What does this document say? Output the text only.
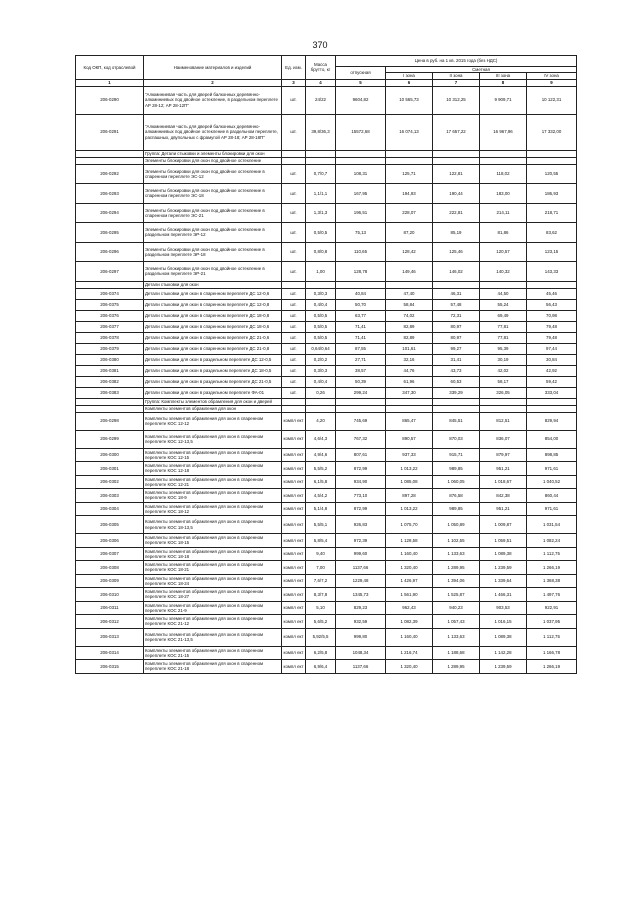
370
Код ОКП, код отраслевой	Наименование материалов и изделий	Ед. изм.	Масса брутто, кг	Цена в руб. на 1 кв. 2015 года (без НДС)				
				отпускная	Сметная			
					I зона	II зона	III зона	IV зона
1	2	3	4	5	6	7	8	9
206-0290	"Алюминиевая часть для дверей балконных деревянно-алюминиевых под двойное остекление, в раздельном переплете АР 28-12; АР 28-12П"	шт.	24/22	9604,82	10 565,73	10 312,25	9 909,71	10 122,31
206-0291	"Алюминиевая часть для дверей балконных деревянно-алюминиевых под двойное остекление в раздельном переплете, распашных, двупольных с фрамугой АР 28-18; АР 28-18П"	шт.	39,8/36,3	15572,68	16 074,13	17 657,22	16 967,96	17 332,00
	Группа: Детали стыковки и элементы блокировки для окон							
	Элементы блокировки для окон под двойное остекление							
206-0292	Элементы блокировки для окон под двойное остекление в спаренном переплете ЭС-12	шт.	0,7/0,7	108,31	125,71	122,81	118,02	120,55
206-0293	Элементы блокировки для окон под двойное остекление в спаренном переплете ЭС-18	шт.	1,1/1,1	167,95	194,93	190,44	183,00	186,93
206-0294	Элементы блокировки для окон под двойное остекление в спаренном переплете ЭС-21	шт.	1,3/1,3	196,51	228,07	222,81	214,11	218,71
206-0295	Элементы блокировки для окон под двойное остекление в раздельном переплете ЭР-12	шт.	0,5/0,5	75,13	87,20	85,19	81,86	83,62
206-0296	Элементы блокировки для окон под двойное остекление в раздельном переплете ЭР-18	шт.	0,8/0,8	110,65	128,42	125,46	120,57	123,15
206-0297	Элементы блокировки для окон под двойное остекление в раздельном переплете ЭР-21	шт.	1,00	128,78	149,46	146,02	140,32	143,33
	Детали стыковки для окон							
206-0374	Детали стыковки для окон в спаренном переплете ДС 12-0,6	шт.	0,3/0,3	40,84	47,40	46,31	44,50	45,46
206-0375	Детали стыковки для окон в спаренном переплете ДС 12-0,8	шт.	0,4/0,4	50,70	58,84	57,48	55,24	56,43
206-0376	Детали стыковки для окон в спаренном переплете ДС 18-0,8	шт.	0,5/0,5	63,77	74,02	72,31	69,49	70,98
206-0377	Детали стыковки для окон в спаренном переплете ДС 18-0,6	шт.	0,5/0,5	71,41	82,89	80,97	77,81	79,48
206-0378	Детали стыковки для окон в спаренном переплете ДС 21-0,6	шт.	0,5/0,5	71,41	82,89	80,97	77,81	79,48
206-0379	Детали стыковки для окон в спаренном переплете ДС 21-0,8	шт.	0,64/0,64	87,55	101,61	99,27	95,39	97,44
206-0380	Детали стыковки для окон в раздельном переплете ДС 12-0,5	шт.	0,2/0,2	27,71	32,16	31,41	30,19	30,84
206-0381	Детали стыковки для окон в раздельном переплете ДС 18-0,5	шт.	0,3/0,3	38,57	44,76	43,73	42,02	42,92
206-0382	Детали стыковки для окон в раздельном переплете ДС 21-0,5	шт.	0,4/0,4	50,39	61,96	60,53	58,17	59,42
206-0383	Детали стыковки для окон в раздельном переплете ФА-01	шт.	0,26	299,24	347,30	339,29	326,05	333,04
	Группа: Комплекты элементов обрамления для окон и дверей							
	Комплекты элементов обрамления для окон							
206-0298	Комплекты элементов обрамления для окон в спаренном переплете КОС 12-12	компл ект	4,20	745,69	865,47	845,51	812,51	829,94
206-0299	Комплекты элементов обрамления для окон в спаренном переплете КОС 12-13,5	компл ект	4,6/4,3	767,32	890,57	870,03	836,07	854,00
206-0300	Комплекты элементов обрамления для окон в спаренном переплете КОС 12-15	компл ект	4,9/4,6	807,61	937,33	915,71	879,97	898,85
206-0301	Комплекты элементов обрамления для окон в спаренном переплете КОС 12-18	компл ект	5,5/5,2	872,99	1 013,22	989,85	951,21	971,61
206-0302	Комплекты элементов обрамления для окон в спаренном переплете КОС 12-21	компл ект	6,1/5,8	934,90	1 085,08	1 060,05	1 018,67	1 040,52
206-0303	Комплекты элементов обрамления для окон в спаренном переплете КОС 18-9	компл ект	4,5/4,2	773,10	897,28	876,58	842,38	860,44
206-0304	Комплекты элементов обрамления для окон в спаренном переплете КОС 18-12	компл ект	5,1/4,8	872,99	1 013,22	989,85	951,21	971,61
206-0305	Комплекты элементов обрамления для окон в спаренном переплете КОС 18-13,5	компл ект	5,5/5,1	926,83	1 075,70	1 050,89	1 009,87	1 031,54
206-0306	Комплекты элементов обрамления для окон в спаренном переплете КОС 18-15	компл ект	5,8/5,4	972,39	1 128,58	1 102,55	1 059,51	1 082,24
206-0307	Комплекты элементов обрамления для окон в спаренном переплете КОС 18-18	компл ект	9,40	999,60	1 160,40	1 133,63	1 089,38	1 112,75
206-0308	Комплекты элементов обрамления для окон в спаренном переплете КОС 18-21	компл ект	7,00	1137,66	1 320,40	1 289,95	1 239,59	1 266,19
206-0309	Комплекты элементов обрамления для окон в спаренном переплете КОС 18-24	компл ект	7,6/7,2	1229,48	1 426,97	1 394,06	1 339,64	1 368,38
206-0310	Комплекты элементов обрамления для окон в спаренном переплете КОС 18-27	компл ект	8,3/7,8	1345,73	1 561,90	1 525,87	1 466,31	1 497,76
206-0311	Комплекты элементов обрамления для окон в спаренном переплете КОС 21-9	компл ект	5,10	829,23	962,43	940,23	903,53	922,91
206-0312	Комплекты элементов обрамления для окон в спаренном переплете КОС 21-12	компл ект	5,6/5,2	932,59	1 082,39	1 057,43	1 016,15	1 037,95
206-0313	Комплекты элементов обрамления для окон в спаренном переплете КОС 21-13,5	компл ект	5,92/5,5	999,80	1 160,40	1 133,63	1 089,38	1 112,75
206-0314	Комплекты элементов обрамления для окон в спаренном переплете КОС 21-15	компл ект	6,2/5,8	1048,34	1 216,74	1 188,68	1 142,28	1 166,78
206-0315	Комплекты элементов обрамления для окон в спаренном переплете КОС 21-18	компл ект	6,9/6,4	1137,66	1 320,40	1 289,95	1 239,59	1 266,19
